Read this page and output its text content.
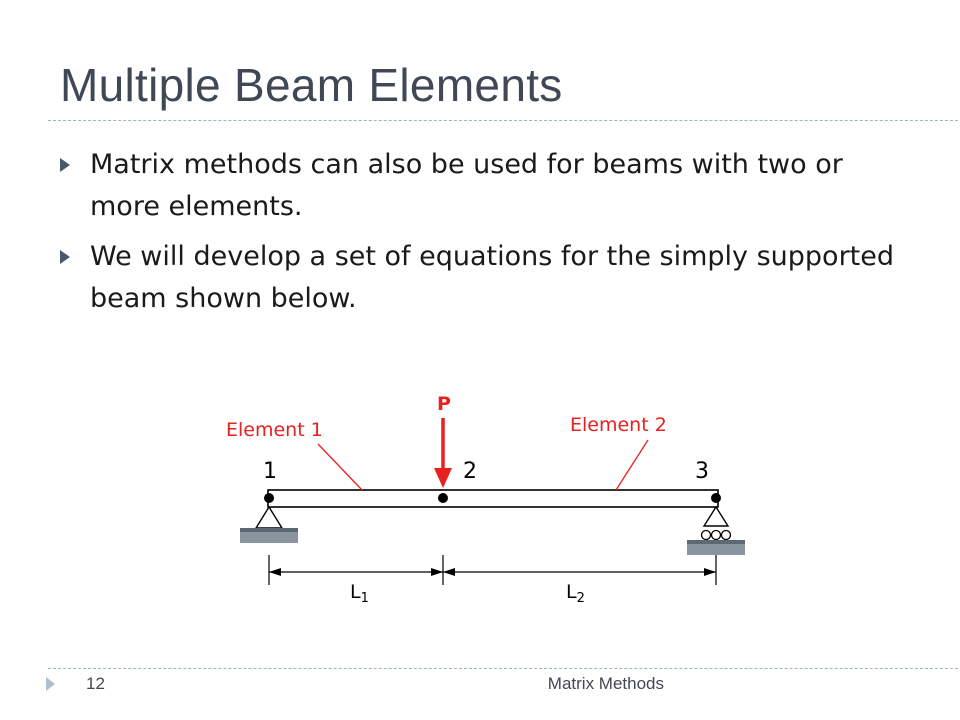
Multiple Beam Elements
Matrix methods can also be used for beams with two or more elements.
We will develop a set of equations for the simply supported beam shown below.
1	2	3
P
Element 1	Element 2
$L_1$	$L_2$
12	Matrix Methods
